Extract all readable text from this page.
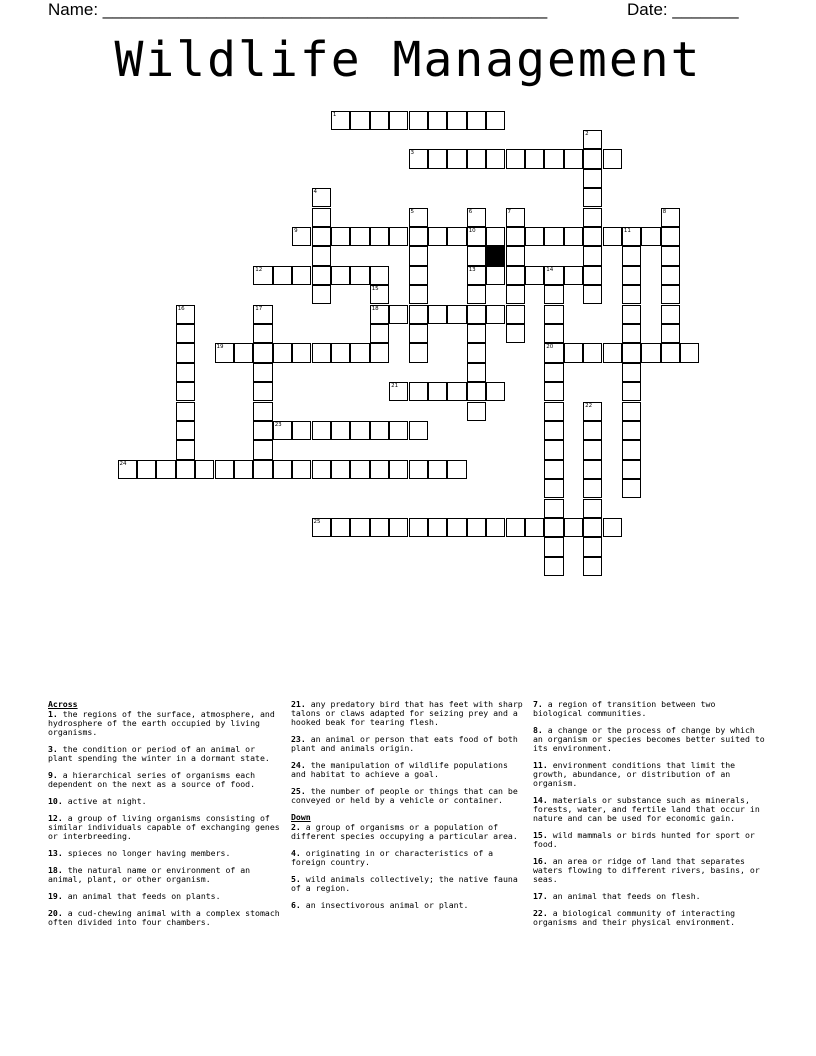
Name: _______________________________________________	Date: _______
Wildlife Management
1
3
9	10	11
12	13	14
18
19	20
21
23
24
25
2
4
5	6	7	8
15
16	17
22
Across

1. the regions of the surface, atmosphere, and hydrosphere of the earth occupied by living organisms.

3. the condition or period of an animal or plant spending the winter in a dormant state.

9. a hierarchical series of organisms each dependent on the next as a source of food.

10. active at night.

12. a group of living organisms consisting of similar individuals capable of exchanging genes or interbreeding.

13. spieces no longer having members.

18. the natural name or environment of an animal, plant, or other organism.

19. an animal that feeds on plants.

20. a cud-chewing animal with a complex stomach often divided into four chambers.

21. any predatory bird that has feet with sharp talons or claws adapted for seizing prey and a hooked beak for tearing flesh.

23. an animal or person that eats food of both plant and animals origin.

24. the manipulation of wildlife populations and habitat to achieve a goal.

25. the number of people or things that can be conveyed or held by a vehicle or container.

Down

2. a group of organisms or a population of different species occupying a particular area.

4. originating in or characteristics of a foreign country.

5. wild animals collectively; the native fauna of a region.

6. an insectivorous animal or plant.

7. a region of transition between two biological communities.

8. a change or the process of change by which an organism or species becomes better suited to its environment.

11. environment conditions that limit the growth, abundance, or distribution of an organism.

14. materials or substance such as minerals, forests, water, and fertile land that occur in nature and can be used for economic gain.

15. wild mammals or birds hunted for sport or food.

16. an area or ridge of land that separates waters flowing to different rivers, basins, or seas.

17. an animal that feeds on flesh.

22. a biological community of interacting organisms and their physical environment.
